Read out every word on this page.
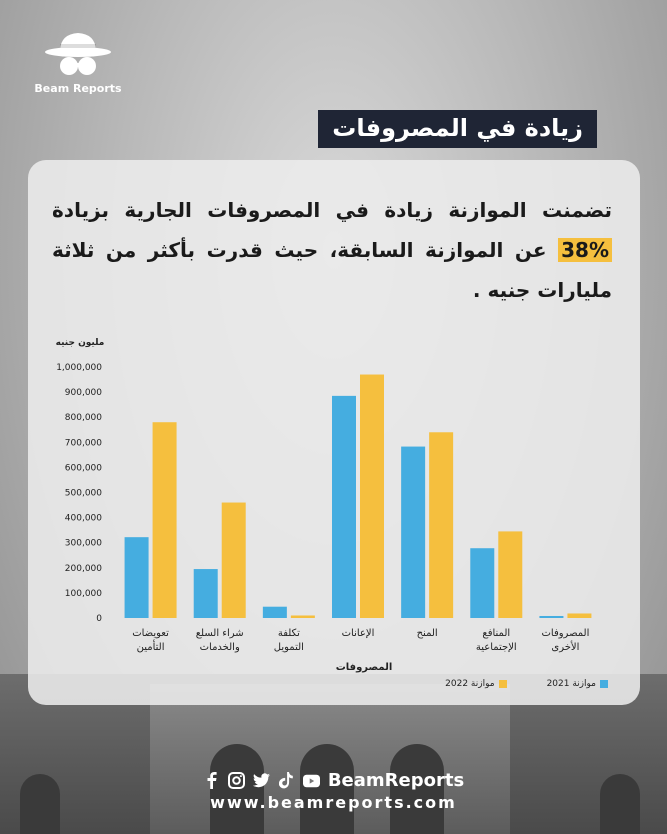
Beam Reports
زيادة في المصروفات
تضمنت الموازنة زيادة في المصروفات الجارية بزيادة 38% عن الموازنة السابقة، حيث قدرت بأكثر من ثلاثة مليارات جنيه .
مليون جنيه
المصروفات
0
100,000
200,000
300,000
400,000
500,000
600,000
700,000
800,000
900,000
1,000,000
تعويضات
التأمين
شراء السلع
والخدمات
تكلفة
التمويل
الإعانات	المنح	المنافع
الإجتماعية
المصروفات
الأخرى
موازنة 2021
موازنة 2022
BeamReports
www.beamreports.com
